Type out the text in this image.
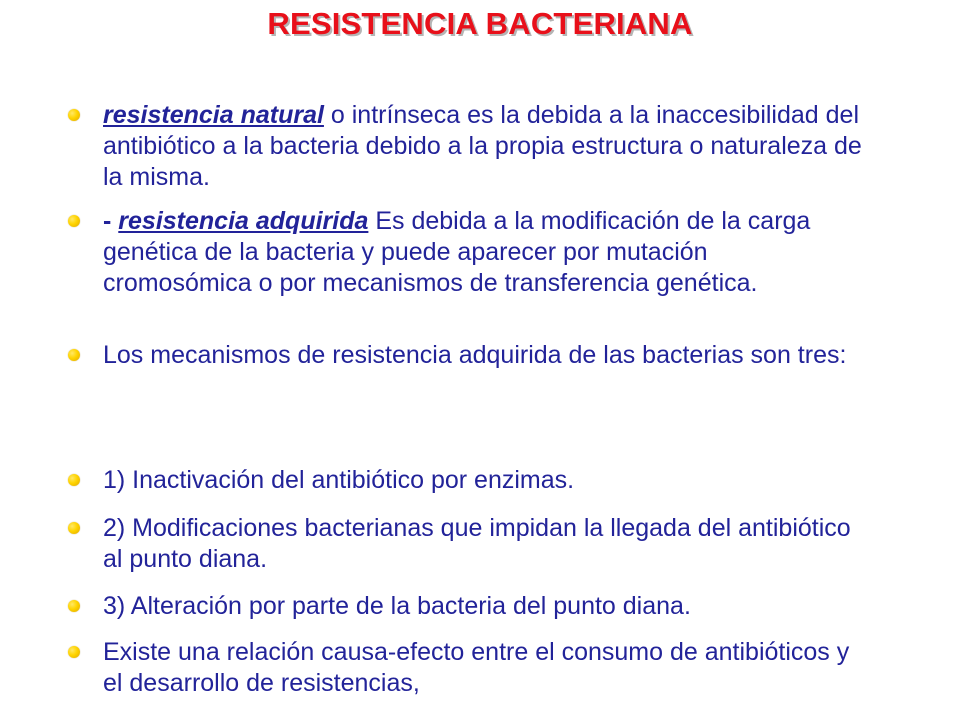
RESISTENCIA BACTERIANA
resistencia natural o intrínseca es la debida a la inaccesibilidad del antibiótico a la bacteria debido a la propia estructura o naturaleza de la misma.
- resistencia adquirida Es debida a la modificación de la carga genética de la bacteria y puede aparecer por mutación cromosómica o por mecanismos de transferencia genética.
Los mecanismos de resistencia adquirida de las bacterias son tres:
1) Inactivación del antibiótico por enzimas.
2) Modificaciones bacterianas que impidan la llegada del antibiótico al punto diana.
3) Alteración por parte de la bacteria del punto diana.
Existe una relación causa-efecto entre el consumo de antibióticos y el desarrollo de resistencias,
